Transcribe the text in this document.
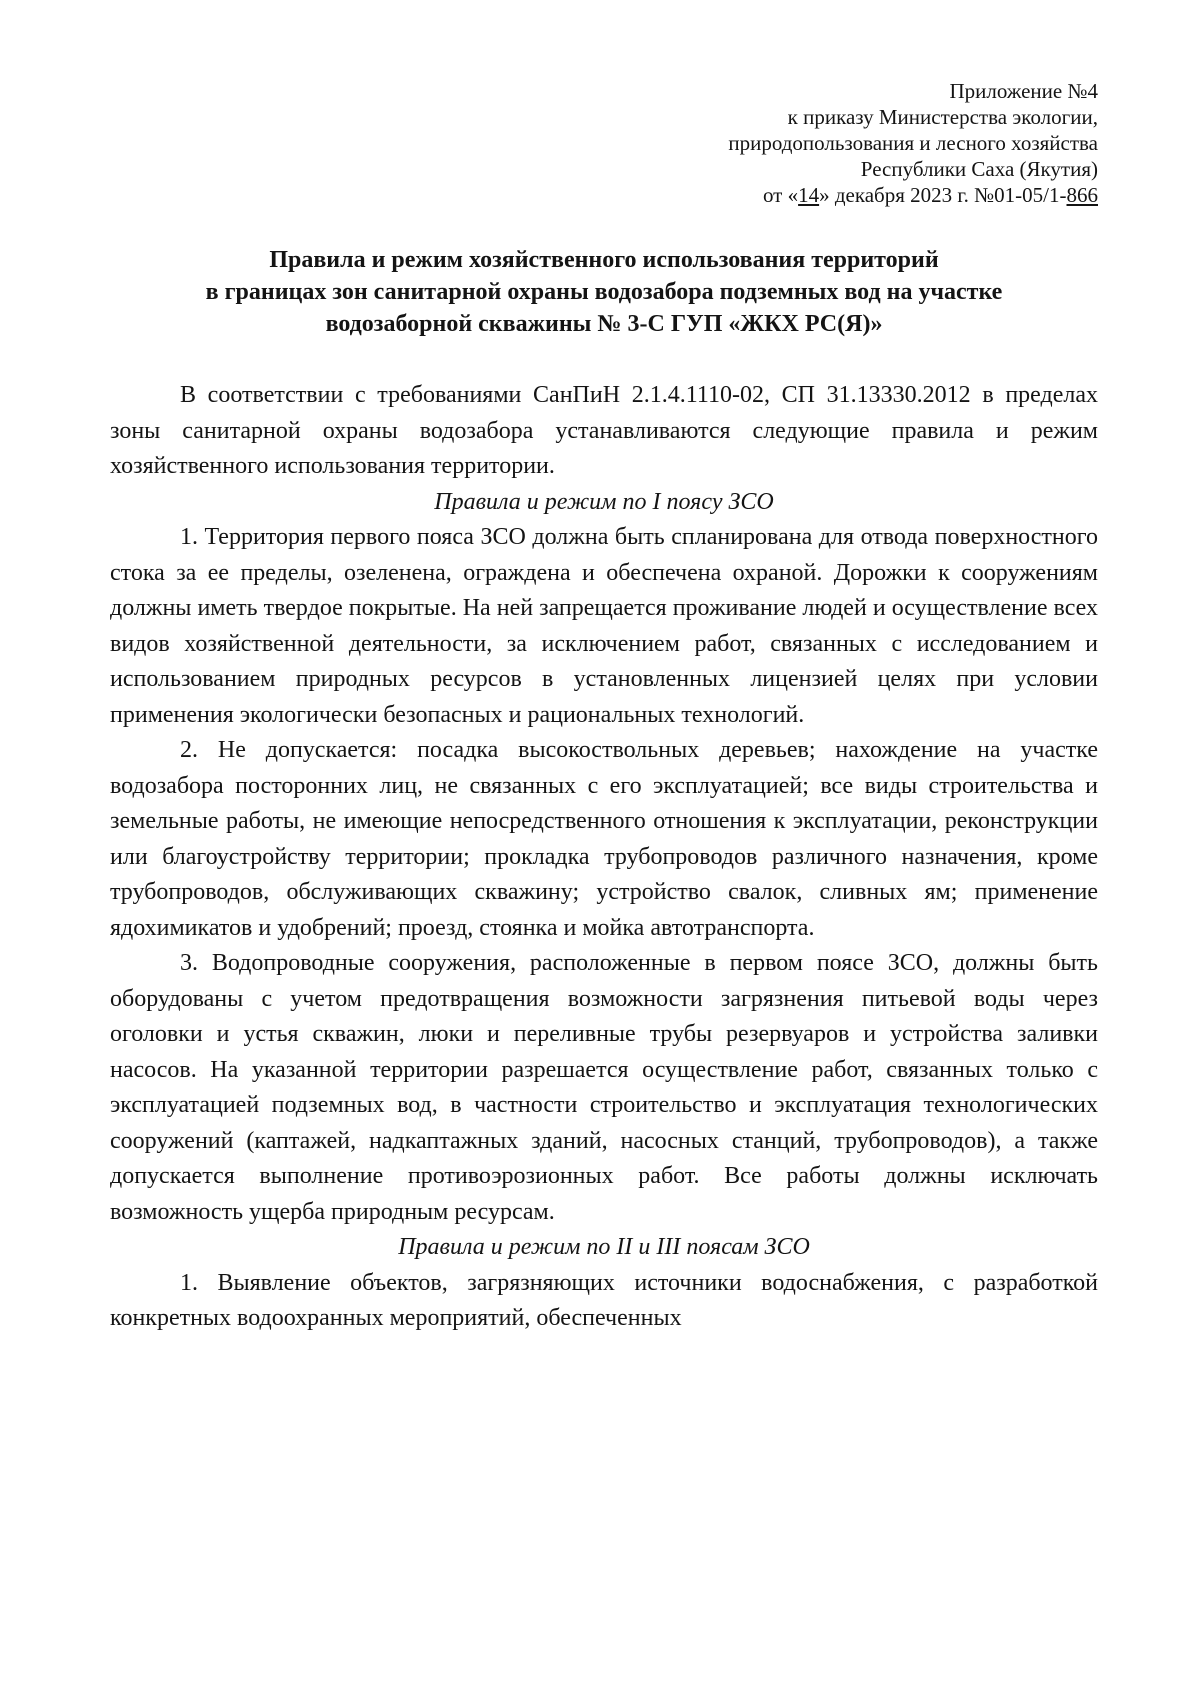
Приложение №4
к приказу Министерства экологии,
природопользования и лесного хозяйства
Республики Саха (Якутия)
от «14» декабря 2023 г. №01-05/1-866
Правила и режим хозяйственного использования территорий
в границах зон санитарной охраны водозабора подземных вод на участке
водозаборной скважины № 3-С ГУП «ЖКХ РС(Я)»

В соответствии с требованиями СанПиН 2.1.4.1110-02, СП 31.13330.2012 в пределах зоны санитарной охраны водозабора устанавливаются следующие правила и режим хозяйственного использования территории.

Правила и режим по I поясу ЗСО

1. Территория первого пояса ЗСО должна быть спланирована для отвода поверхностного стока за ее пределы, озеленена, ограждена и обеспечена охраной. Дорожки к сооружениям должны иметь твердое покрытые. На ней запрещается проживание людей и осуществление всех видов хозяйственной деятельности, за исключением работ, связанных с исследованием и использованием природных ресурсов в установленных лицензией целях при условии применения экологически безопасных и рациональных технологий.

2. Не допускается: посадка высокоствольных деревьев; нахождение на участке водозабора посторонних лиц, не связанных с его эксплуатацией; все виды строительства и земельные работы, не имеющие непосредственного отношения к эксплуатации, реконструкции или благоустройству территории; прокладка трубопроводов различного назначения, кроме трубопроводов, обслуживающих скважину; устройство свалок, сливных ям; применение ядохимикатов и удобрений; проезд, стоянка и мойка автотранспорта.

3. Водопроводные сооружения, расположенные в первом поясе ЗСО, должны быть оборудованы с учетом предотвращения возможности загрязнения питьевой воды через оголовки и устья скважин, люки и переливные трубы резервуаров и устройства заливки насосов. На указанной территории разрешается осуществление работ, связанных только с эксплуатацией подземных вод, в частности строительство и эксплуатация технологических сооружений (каптажей, надкаптажных зданий, насосных станций, трубопроводов), а также допускается выполнение противоэрозионных работ. Все работы должны исключать возможность ущерба природным ресурсам.

Правила и режим по II и III поясам ЗСО

1. Выявление объектов, загрязняющих источники водоснабжения, с разработкой конкретных водоохранных мероприятий, обеспеченных
